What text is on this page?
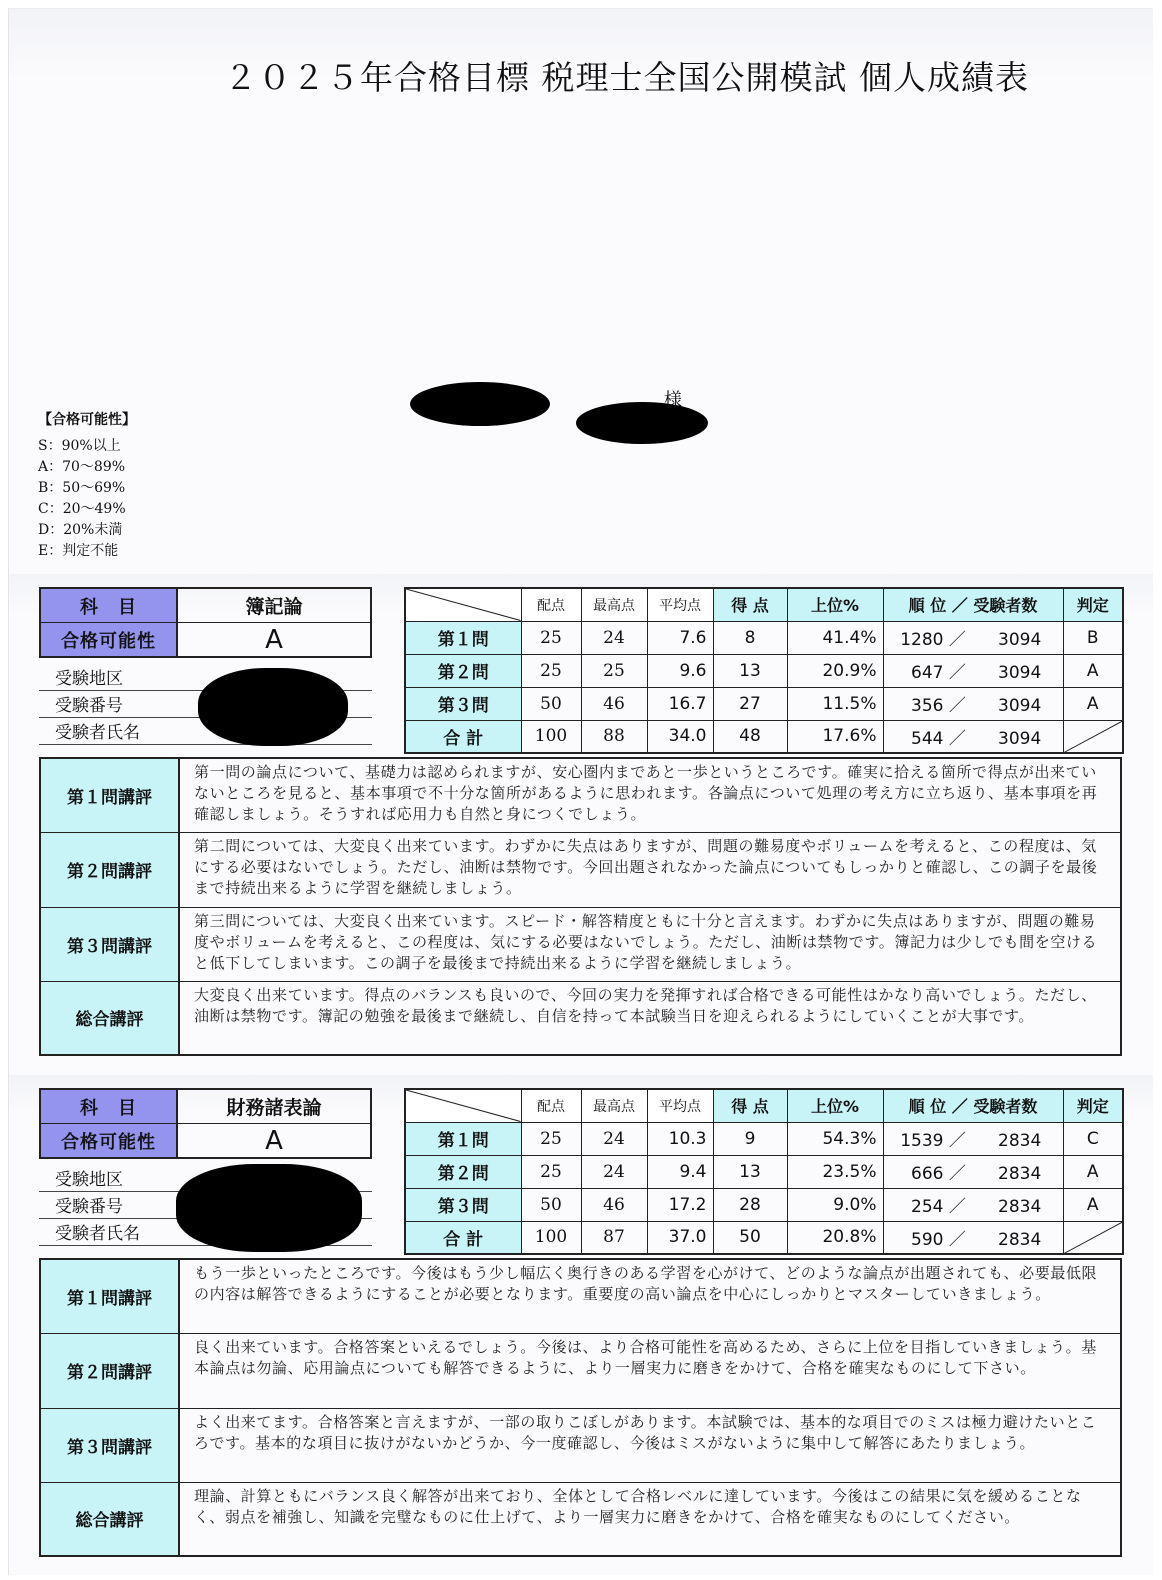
２０２５年合格目標 税理士全国公開模試 個人成績表
様
【合格可能性】
S：90%以上
A：70～89%
B：50～69%
C：20～49%
D：20%未満
E：判定不能
科　目	簿記論
合格可能性	A
受験地区
受験番号
受験者氏名
	配点	最高点	平均点	得 点	上位%	順 位 ／ 受験者数	判定
第１問	25	24	7.6	8	41.4%	1280 ／ 3094	B
第２問	25	25	9.6	13	20.9%	647 ／ 3094	A
第３問	50	46	16.7	27	11.5%	356 ／ 3094	A
合 計	100	88	34.0	48	17.6%	544 ／ 3094	
第１問講評	第一問の論点について、基礎力は認められますが、安心圏内まであと一歩というところです。確実に拾える箇所で得点が出来ていないところを見ると、基本事項で不十分な箇所があるように思われます。各論点について処理の考え方に立ち返り、基本事項を再確認しましょう。そうすれば応用力も自然と身につくでしょう。
第２問講評	第二問については、大変良く出来ています。わずかに失点はありますが、問題の難易度やボリュームを考えると、この程度は、気にする必要はないでしょう。ただし、油断は禁物です。今回出題されなかった論点についてもしっかりと確認し、この調子を最後まで持続出来るように学習を継続しましょう。
第３問講評	第三問については、大変良く出来ています。スピード・解答精度ともに十分と言えます。わずかに失点はありますが、問題の難易度やボリュームを考えると、この程度は、気にする必要はないでしょう。ただし、油断は禁物です。簿記力は少しでも間を空けると低下してしまいます。この調子を最後まで持続出来るように学習を継続しましょう。
総合講評	大変良く出来ています。得点のバランスも良いので、今回の実力を発揮すれば合格できる可能性はかなり高いでしょう。ただし、油断は禁物です。簿記の勉強を最後まで継続し、自信を持って本試験当日を迎えられるようにしていくことが大事です。
科　目	財務諸表論
合格可能性	A
受験地区
受験番号
受験者氏名
	配点	最高点	平均点	得 点	上位%	順 位 ／ 受験者数	判定
第１問	25	24	10.3	9	54.3%	1539 ／ 2834	C
第２問	25	24	9.4	13	23.5%	666 ／ 2834	A
第３問	50	46	17.2	28	9.0%	254 ／ 2834	A
合 計	100	87	37.0	50	20.8%	590 ／ 2834	
第１問講評	もう一歩といったところです。今後はもう少し幅広く奥行きのある学習を心がけて、どのような論点が出題されても、必要最低限の内容は解答できるようにすることが必要となります。重要度の高い論点を中心にしっかりとマスターしていきましょう。
第２問講評	良く出来ています。合格答案といえるでしょう。今後は、より合格可能性を高めるため、さらに上位を目指していきましょう。基本論点は勿論、応用論点についても解答できるように、より一層実力に磨きをかけて、合格を確実なものにして下さい。
第３問講評	よく出来てます。合格答案と言えますが、一部の取りこぼしがあります。本試験では、基本的な項目でのミスは極力避けたいところです。基本的な項目に抜けがないかどうか、今一度確認し、今後はミスがないように集中して解答にあたりましょう。
総合講評	理論、計算ともにバランス良く解答が出来ており、全体として合格レベルに達しています。今後はこの結果に気を緩めることなく、弱点を補強し、知識を完璧なものに仕上げて、より一層実力に磨きをかけて、合格を確実なものにしてください。
